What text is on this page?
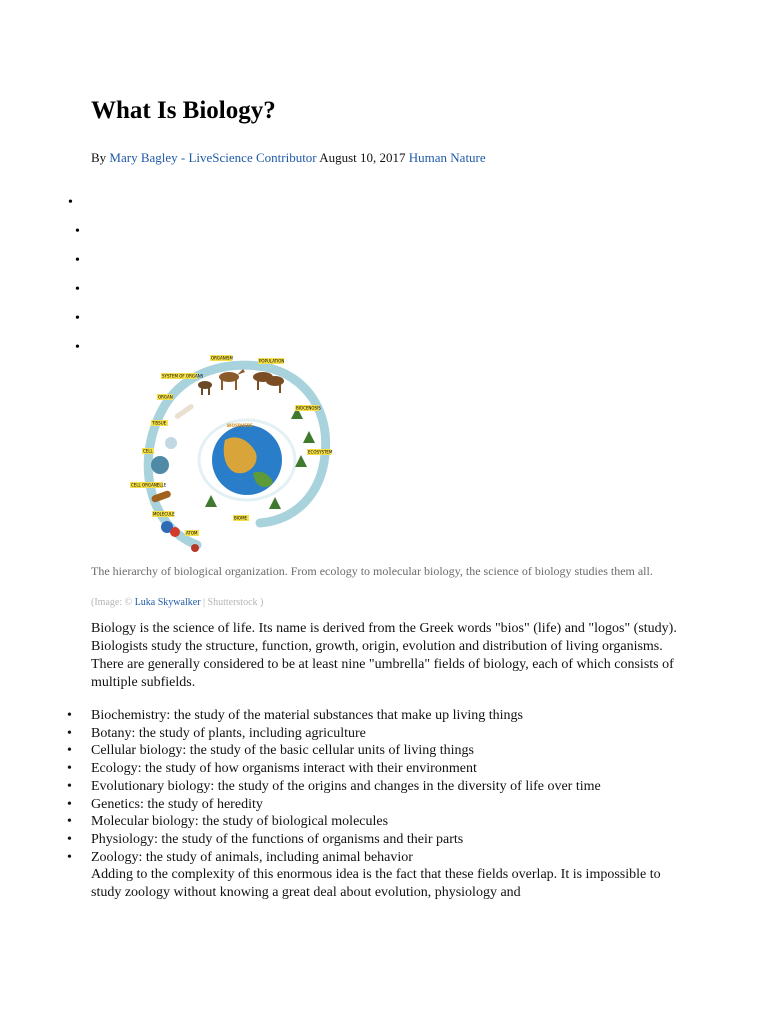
What Is Biology?
By Mary Bagley - LiveScience Contributor August 10, 2017 Human Nature
•
•
•
•
•
•
ORGANISM
POPULATION
SYSTEM OF ORGANS
ORGAN
TISSUE
CELL
CELL ORGANELLE
MOLECULE
ATOM
BIOCENOSIS
ECOSYSTEM
BIOME
BIOSPHERE
The hierarchy of biological organization. From ecology to molecular biology, the science of biology studies them all.
(Image: © Luka Skywalker | Shutterstock )

Biology is the science of life. Its name is derived from the Greek words "bios" (life) and "logos" (study). Biologists study the structure, function, growth, origin, evolution and distribution of living organisms. There are generally considered to be at least nine "umbrella" fields of biology, each of which consists of multiple subfields.

• Biochemistry: the study of the material substances that make up living things
• Botany: the study of plants, including agriculture
• Cellular biology: the study of the basic cellular units of living things
• Ecology: the study of how organisms interact with their environment
• Evolutionary biology: the study of the origins and changes in the diversity of life over time
• Genetics: the study of heredity
• Molecular biology: the study of biological molecules
• Physiology: the study of the functions of organisms and their parts
• Zoology: the study of animals, including animal behavior

Adding to the complexity of this enormous idea is the fact that these fields overlap. It is impossible to study zoology without knowing a great deal about evolution, physiology and
